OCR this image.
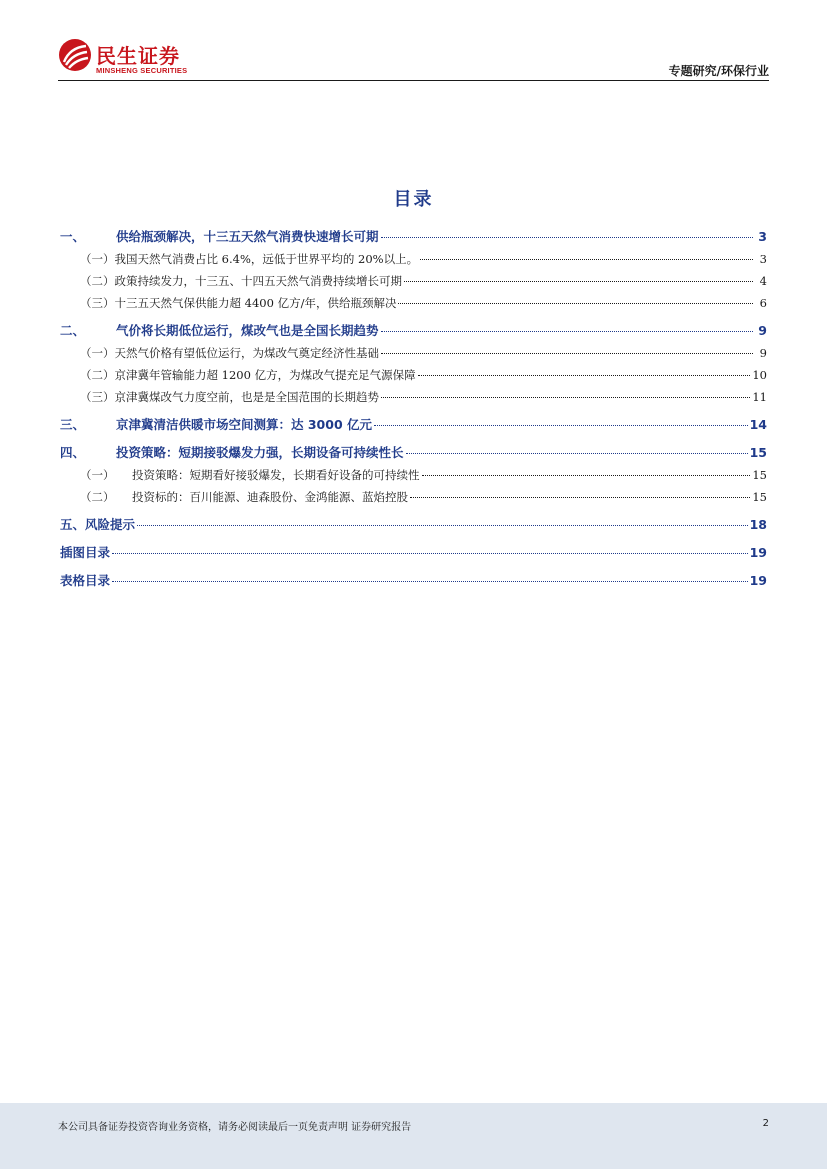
民生证券
MINSHENG SECURITIES	专题研究/环保行业
目录
一、	供给瓶颈解决，十三五天然气消费快速增长可期	3
（一） 我国天然气消费占比 6.4%，远低于世界平均的 20%以上。	3
（二） 政策持续发力，十三五、十四五天然气消费持续增长可期	4
（三） 十三五天然气保供能力超 4400 亿方/年，供给瓶颈解决	6
二、	气价将长期低位运行，煤改气也是全国长期趋势	9
（一） 天然气价格有望低位运行，为煤改气奠定经济性基础	9
（二） 京津冀年管输能力超 1200 亿方，为煤改气提充足气源保障	10
（三） 京津冀煤改气力度空前，也是是全国范围的长期趋势	11
三、	京津冀清洁供暖市场空间测算：达 3000 亿元	14
四、	投资策略：短期接驳爆发力强，长期设备可持续性长	15
（一）	投资策略：短期看好接驳爆发，长期看好设备的可持续性	15
（二）	投资标的：百川能源、迪森股份、金鸿能源、蓝焰控股	15
五、风险提示	18
插图目录	19
表格目录	19
本公司具备证券投资咨询业务资格，请务必阅读最后一页免责声明 证券研究报告	2
